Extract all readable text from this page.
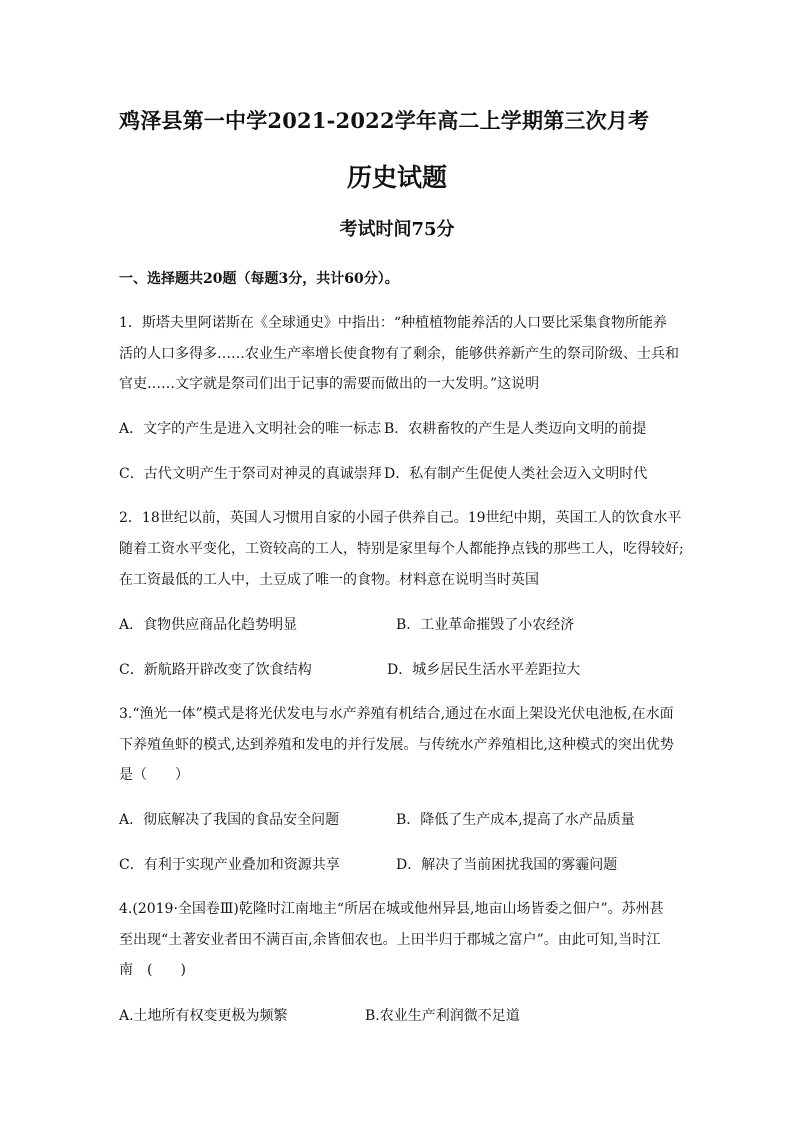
鸡泽县第一中学2021-2022学年高二上学期第三次月考
历史试题
考试时间75分
一、选择题共20题（每题3分，共计60分）。
1．斯塔夫里阿诺斯在《全球通史》中指出：“种植植物能养活的人口要比采集食物所能养
活的人口多得多……农业生产率增长使食物有了剩余，能够供养新产生的祭司阶级、士兵和
官吏……文字就是祭司们出于记事的需要而做出的一大发明。”这说明
A．文字的产生是进入文明社会的唯一标志 B．农耕畜牧的产生是人类迈向文明的前提
C．古代文明产生于祭司对神灵的真诚崇拜 D．私有制产生促使人类社会迈入文明时代
2．18世纪以前，英国人习惯用自家的小园子供养自己。19世纪中期，英国工人的饮食水平
随着工资水平变化，工资较高的工人，特别是家里每个人都能挣点钱的那些工人，吃得较好;
在工资最低的工人中，土豆成了唯一的食物。材料意在说明当时英国
A．食物供应商品化趋势明显	B．工业革命摧毁了小农经济
C．新航路开辟改变了饮食结构	D．城乡居民生活水平差距拉大
3.“渔光一体”模式是将光伏发电与水产养殖有机结合,通过在水面上架设光伏电池板,在水面
下养殖鱼虾的模式,达到养殖和发电的并行发展。与传统水产养殖相比,这种模式的突出优势
是（　　）
A．彻底解决了我国的食品安全问题	B．降低了生产成本,提高了水产品质量
C．有利于实现产业叠加和资源共享	D．解决了当前困扰我国的雾霾问题
4.(2019·全国卷Ⅲ)乾隆时江南地主“所居在城或他州异县,地亩山场皆委之佃户”。苏州甚
至出现“土著安业者田不满百亩,余皆佃农也。上田半归于郡城之富户”。由此可知,当时江
南　(　　)
A.土地所有权变更极为频繁	B.农业生产利润微不足道
